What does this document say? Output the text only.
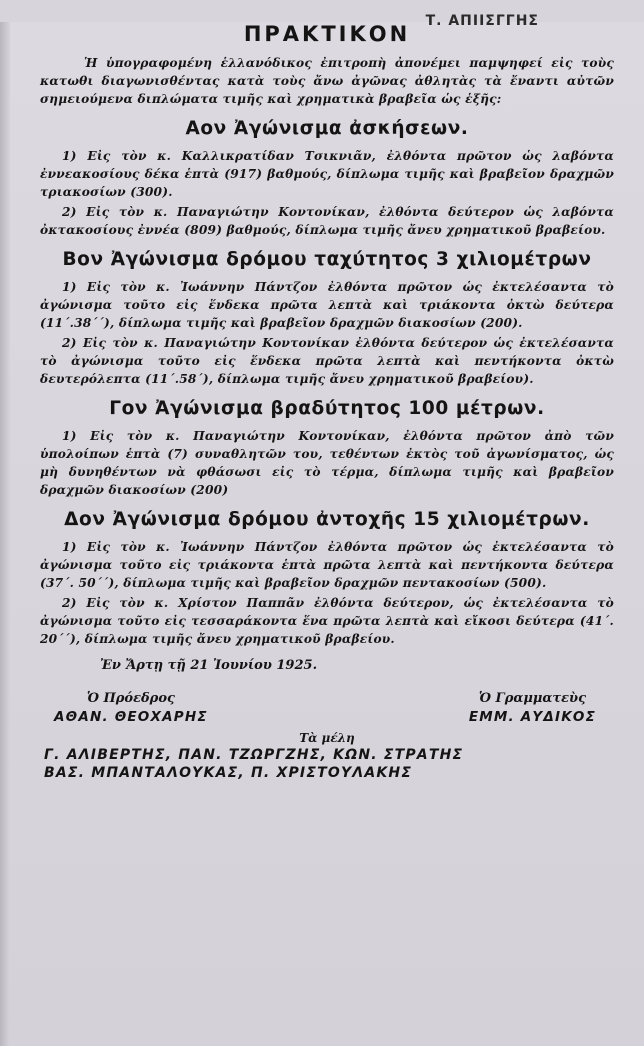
Τ. ΑΠΙΙΣΓΓΗΣ
ΠΡΑΚΤΙΚΟΝ

Ἡ ὑπογραφομένη ἑλλανόδικος ἐπιτροπὴ ἀπονέμει παμψηφεί εἰς τοὺς κατωθι διαγωνισθέντας κατὰ τοὺς ἄνω ἀγῶνας ἀθλητὰς τὰ ἔναντι αὐτῶν σημειούμενα διπλώματα τιμῆς καὶ χρηματικὰ βραβεῖα ὡς ἑξῆς:

Αον Ἀγώνισμα ἀσκήσεων.

1) Εἰς τὸν κ. Καλλικρατίδαν Τσικνιᾶν, ἐλθόντα πρῶτον ὡς λαβόντα ἐννεακοσίους δέκα ἑπτὰ (917) βαθμούς, δίπλωμα τιμῆς καὶ βραβεῖον δραχμῶν τριακοσίων (300).

2) Εἰς τὸν κ. Παναγιώτην Κοντονίκαν, ἐλθόντα δεύτερον ὡς λαβόντα ὀκτακοσίους ἐννέα (809) βαθμούς, δίπλωμα τιμῆς ἄνευ χρηματικοῦ βραβείου.

Βον Ἀγώνισμα δρόμου ταχύτητος 3 χιλιομέτρων

1) Εἰς τὸν κ. Ἰωάννην Πάντζον ἐλθόντα πρῶτον ὡς ἐκτελέσαντα τὸ ἀγώνισμα τοῦτο εἰς ἕνδεκα πρῶτα λεπτὰ καὶ τριάκοντα ὀκτὼ δεύτερα (11΄.38΄΄), δίπλωμα τιμῆς καὶ βραβεῖον δραχμῶν διακοσίων (200).

2) Εἰς τὸν κ. Παναγιώτην Κοντονίκαν ἐλθόντα δεύτερον ὡς ἐκτελέσαντα τὸ ἀγώνισμα τοῦτο εἰς ἕνδεκα πρῶτα λεπτὰ καὶ πεντήκοντα ὀκτὼ δευτερόλεπτα (11΄.58΄), δίπλωμα τιμῆς ἄνευ χρηματικοῦ βραβείου).

Γον Ἀγώνισμα βραδύτητος 100 μέτρων.

1) Εἰς τὸν κ. Παναγιώτην Κοντονίκαν, ἐλθόντα πρῶτον ἀπὸ τῶν ὑπολοίπων ἑπτὰ (7) συναθλητῶν του, τεθέντων ἐκτὸς τοῦ ἀγωνίσματος, ὡς μὴ δυνηθέντων νὰ φθάσωσι εἰς τὸ τέρμα, δίπλωμα τιμῆς καὶ βραβεῖον δραχμῶν διακοσίων (200)

Δον Ἀγώνισμα δρόμου ἀντοχῆς 15 χιλιομέτρων.

1) Εἰς τὸν κ. Ἰωάννην Πάντζον ἐλθόντα πρῶτον ὡς ἐκτελέσαντα τὸ ἀγώνισμα τοῦτο εἰς τριάκοντα ἑπτὰ πρῶτα λεπτὰ καὶ πεντήκοντα δεύτερα (37΄. 50΄΄), δίπλωμα τιμῆς καὶ βραβεῖον δραχμῶν πεντακοσίων (500).

2) Εἰς τὸν κ. Χρίστον Παππᾶν ἐλθόντα δεύτερον, ὡς ἐκτελέσαντα τὸ ἀγώνισμα τοῦτο εἰς τεσσαράκοντα ἕνα πρῶτα λεπτὰ καὶ εἴκοσι δεύτερα (41΄. 20΄΄), δίπλωμα τιμῆς ἄνευ χρηματικοῦ βραβείου.

Ἐν Ἄρτῃ τῇ 21 Ἰουνίου 1925.
Ὁ Πρόεδρος
ΑΘΑΝ. ΘΕΟΧΑΡΗΣ
Ὁ Γραμματεὺς
ΕΜΜ. ΑΥΔΙΚΟΣ
Τὰ μέλη
Γ. ΑΛΙΒΕΡΤΗΣ, ΠΑΝ. ΤΖΩΡΓΖΗΣ, ΚΩΝ. ΣΤΡΑΤΗΣ
ΒΑΣ. ΜΠΑΝΤΑΛΟΥΚΑΣ, Π. ΧΡΙΣΤΟΥΛΑΚΗΣ
